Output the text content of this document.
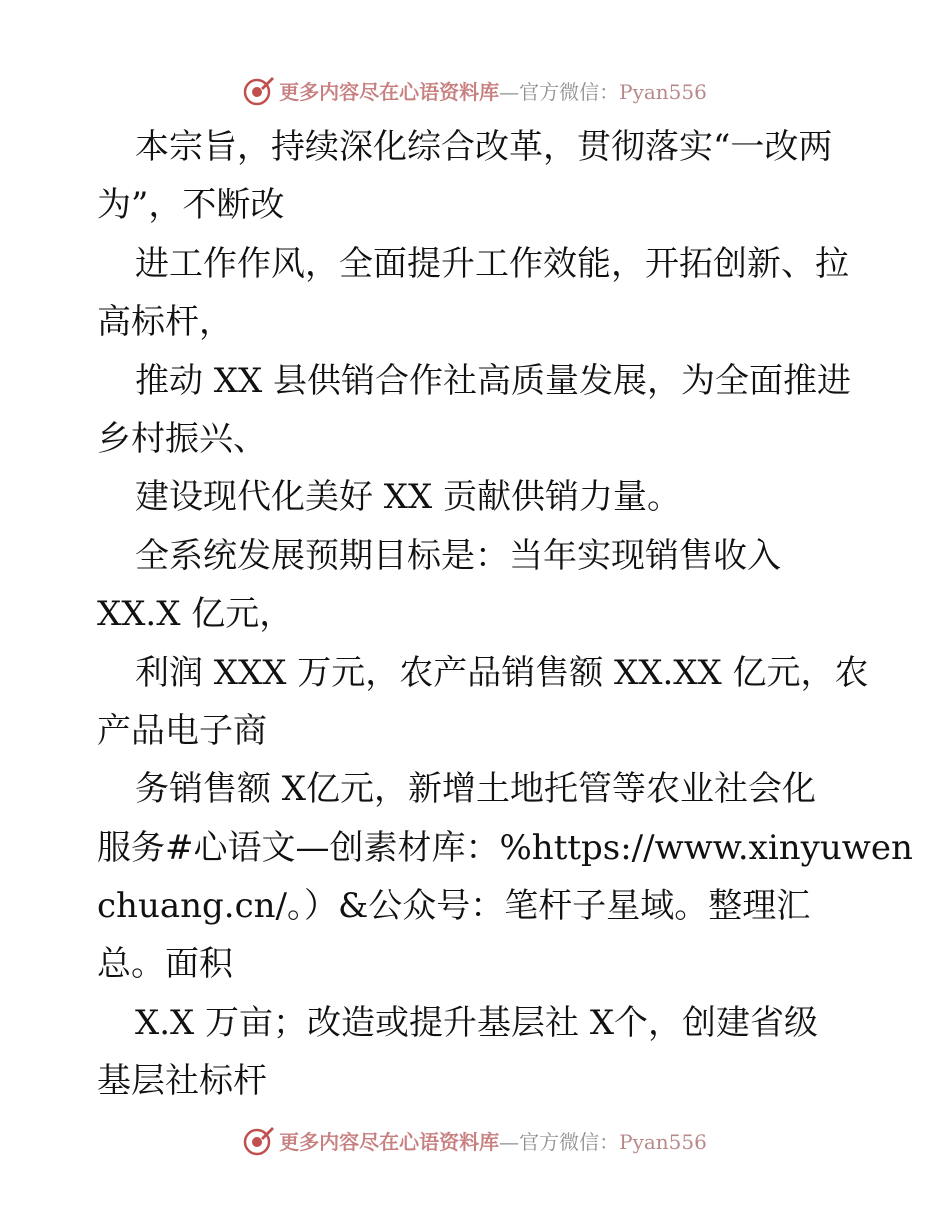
更多内容尽在心语资料库—官方微信：Pyan556
本宗旨，持续深化综合改革，贯彻落实“一改两
为”，不断改
进工作作风，全面提升工作效能，开拓创新、拉
高标杆，
推动 XX 县供销合作社高质量发展，为全面推进
乡村振兴、
建设现代化美好 XX 贡献供销力量。
全系统发展预期目标是：当年实现销售收入
XX.X 亿元，
利润 XXX 万元，农产品销售额 XX.XX 亿元，农
产品电子商
务销售额 X亿元，新增土地托管等农业社会化
服务#心语文—创素材库：%https://www.xinyuwen
chuang.cn/。）&公众号：笔杆子星域。整理汇
总。面积
X.X 万亩；改造或提升基层社 X个，创建省级
基层社标杆
更多内容尽在心语资料库—官方微信：Pyan556
